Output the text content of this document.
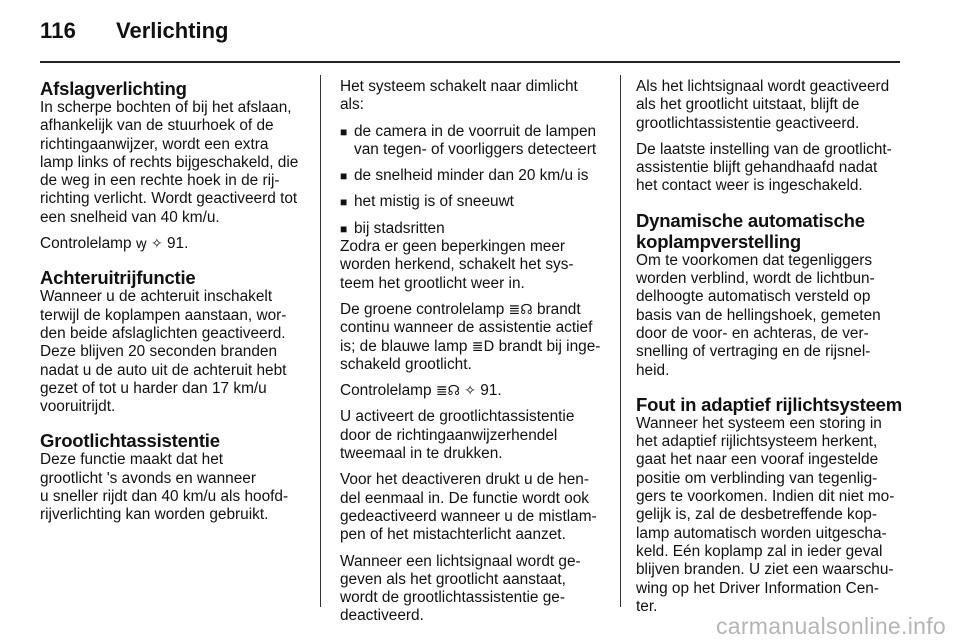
116 Verlichting
Afslagverlichting
In scherpe bochten of bij het afslaan,
afhankelijk van de stuurhoek of de
richtingaanwijzer, wordt een extra
lamp links of rechts bijgeschakeld, die
de weg in een rechte hoek in de rij-
richting verlicht. Wordt geactiveerd tot
een snelheid van 40 km/u.
Controlelamp ꝡ ✧ 91.
Achteruitrijfunctie
Wanneer u de achteruit inschakelt
terwijl de koplampen aanstaan, wor-
den beide afslaglichten geactiveerd.
Deze blijven 20 seconden branden
nadat u de auto uit de achteruit hebt
gezet of tot u harder dan 17 km/u
vooruitrijdt.
Grootlichtassistentie
Deze functie maakt dat het
grootlicht 's avonds en wanneer
u sneller rijdt dan 40 km/u als hoofd-
rijverlichting kan worden gebruikt.
Het systeem schakelt naar dimlicht
als:
■ de camera in de voorruit de lampen
van tegen- of voorliggers detecteert
■ de snelheid minder dan 20 km/u is
■ het mistig is of sneeuwt
■ bij stadsritten
Zodra er geen beperkingen meer
worden herkend, schakelt het sys-
teem het grootlicht weer in.
De groene controlelamp ≣☊ brandt
continu wanneer de assistentie actief
is; de blauwe lamp ≣D brandt bij inge-
schakeld grootlicht.
Controlelamp ≣☊ ✧ 91.
U activeert de grootlichtassistentie
door de richtingaanwijzerhendel
tweemaal in te drukken.
Voor het deactiveren drukt u de hen-
del eenmaal in. De functie wordt ook
gedeactiveerd wanneer u de mistlam-
pen of het mistachterlicht aanzet.
Wanneer een lichtsignaal wordt ge-
geven als het grootlicht aanstaat,
wordt de grootlichtassistentie ge-
deactiveerd.
Als het lichtsignaal wordt geactiveerd
als het grootlicht uitstaat, blijft de
grootlichtassistentie geactiveerd.
De laatste instelling van de grootlicht-
assistentie blijft gehandhaafd nadat
het contact weer is ingeschakeld.
Dynamische automatische
koplampverstelling
Om te voorkomen dat tegenliggers
worden verblind, wordt de lichtbun-
delhoogte automatisch versteld op
basis van de hellingshoek, gemeten
door de voor- en achteras, de ver-
snelling of vertraging en de rijsnel-
heid.
Fout in adaptief rijlichtsysteem
Wanneer het systeem een storing in
het adaptief rijlichtsysteem herkent,
gaat het naar een vooraf ingestelde
positie om verblinding van tegenlig-
gers te voorkomen. Indien dit niet mo-
gelijk is, zal de desbetreffende kop-
lamp automatisch worden uitgescha-
keld. Eén koplamp zal in ieder geval
blijven branden. U ziet een waarschu-
wing op het Driver Information Cen-
ter.
carmanualsonline.info
